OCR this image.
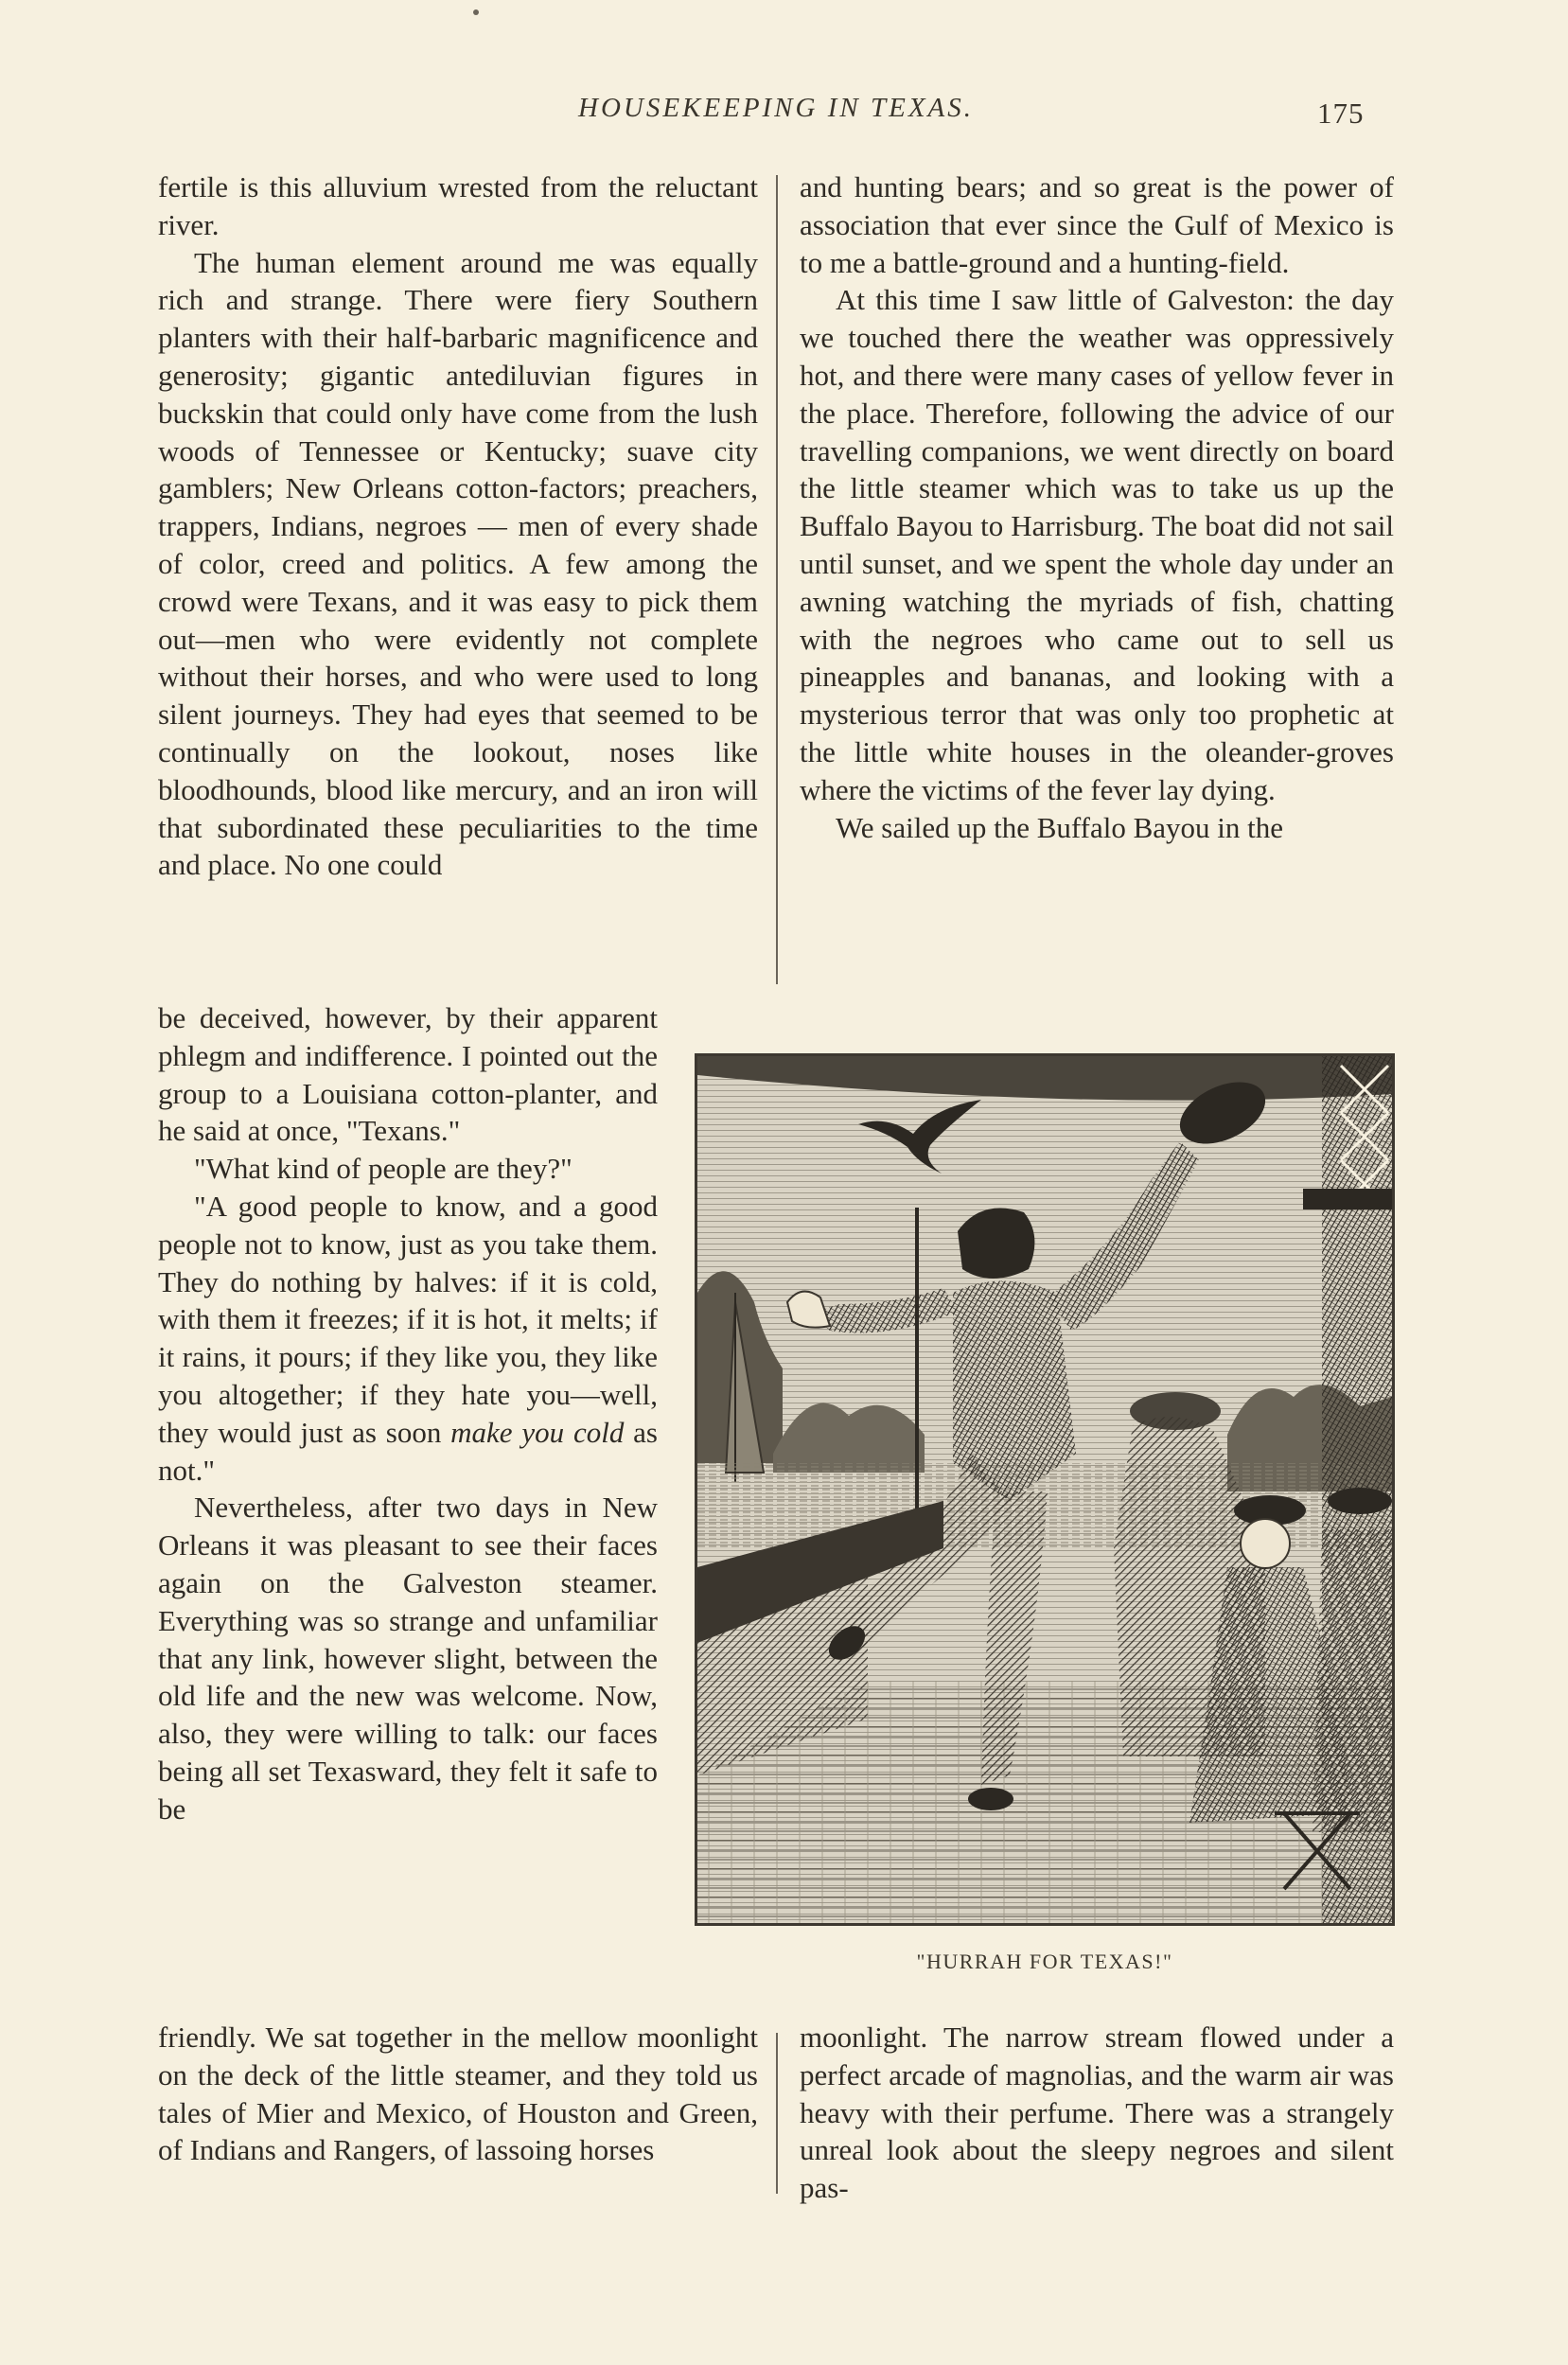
HOUSEKEEPING IN TEXAS.	175

fertile is this alluvium wrested from the reluctant river.

The human element around me was equally rich and strange. There were fiery Southern planters with their half-barbaric magnificence and generosity; gigantic antediluvian figures in buckskin that could only have come from the lush woods of Tennessee or Kentucky; suave city gamblers; New Orleans cotton-factors; preachers, trappers, Indians, negroes — men of every shade of color, creed and politics. A few among the crowd were Texans, and it was easy to pick them out—men who were evidently not complete without their horses, and who were used to long silent journeys. They had eyes that seemed to be continually on the lookout, noses like bloodhounds, blood like mercury, and an iron will that subordinated these peculiarities to the time and place. No one could

be deceived, however, by their apparent phlegm and indifference. I pointed out the group to a Louisiana cotton-planter, and he said at once, "Texans."

"What kind of people are they?"

"A good people to know, and a good people not to know, just as you take them. They do nothing by halves: if it is cold, with them it freezes; if it is hot, it melts; if it rains, it pours; if they like you, they like you altogether; if they hate you—well, they would just as soon make you cold as not."

Nevertheless, after two days in New Orleans it was pleasant to see their faces again on the Galveston steamer. Everything was so strange and unfamiliar that any link, however slight, between the old life and the new was welcome. Now, also, they were willing to talk: our faces being all set Texasward, they felt it safe to be

friendly. We sat together in the mellow moonlight on the deck of the little steamer, and they told us tales of Mier and Mexico, of Houston and Green, of Indians and Rangers, of lassoing horses

and hunting bears; and so great is the power of association that ever since the Gulf of Mexico is to me a battle-ground and a hunting-field.

At this time I saw little of Galveston: the day we touched there the weather was oppressively hot, and there were many cases of yellow fever in the place. Therefore, following the advice of our travelling companions, we went directly on board the little steamer which was to take us up the Buffalo Bayou to Harrisburg. The boat did not sail until sunset, and we spent the whole day under an awning watching the myriads of fish, chatting with the negroes who came out to sell us pineapples and bananas, and looking with a mysterious terror that was only too prophetic at the little white houses in the oleander-groves where the victims of the fever lay dying.

We sailed up the Buffalo Bayou in the

"HURRAH FOR TEXAS!"

moonlight. The narrow stream flowed under a perfect arcade of magnolias, and the warm air was heavy with their perfume. There was a strangely unreal look about the sleepy negroes and silent pas-
